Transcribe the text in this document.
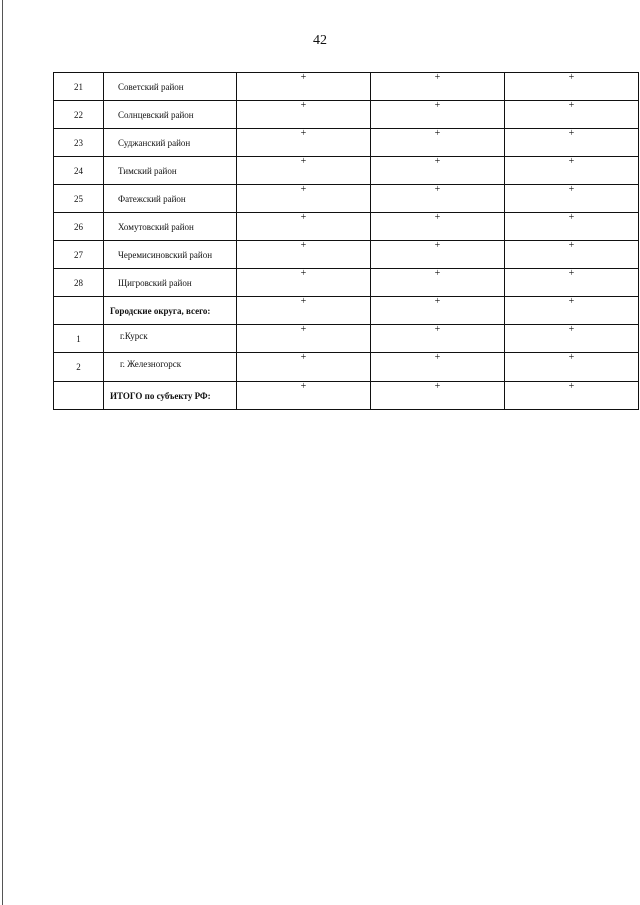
42
21	Советский район	+	+	+
22	Солнцевский район	+	+	+
23	Суджанский район	+	+	+
24	Тимский район	+	+	+
25	Фатежский район	+	+	+
26	Хомутовский район	+	+	+
27	Черемисиновский район	+	+	+
28	Щигровский район	+	+	+
	Городские округа, всего:	+	+	+
1	г.Курск	+	+	+
2	г. Железногорск	+	+	+
	ИТОГО по субъекту РФ:	+	+	+
